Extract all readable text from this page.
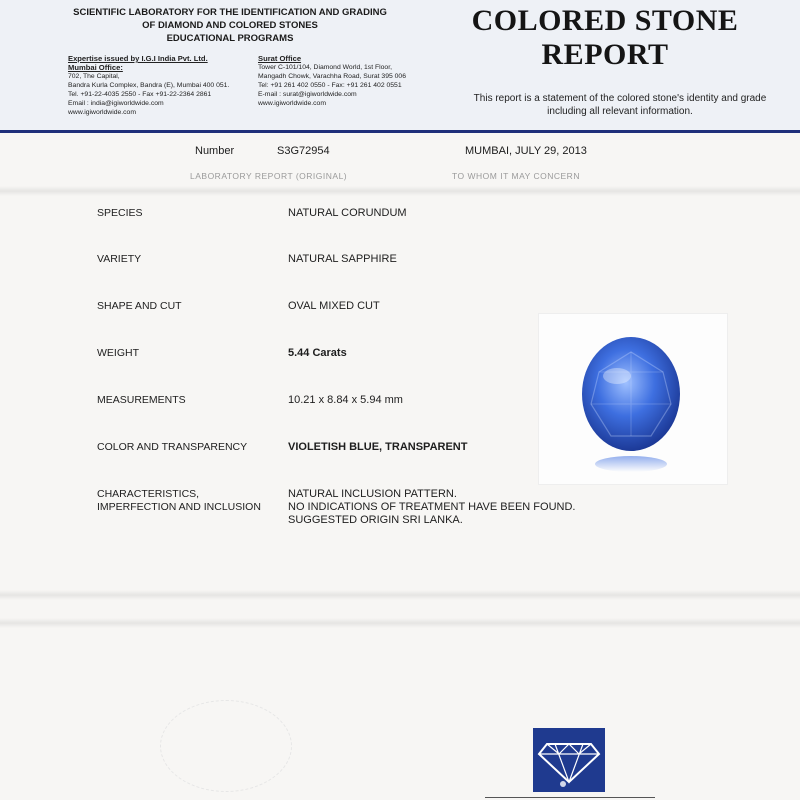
SCIENTIFIC LABORATORY FOR THE IDENTIFICATION AND GRADING
OF DIAMOND AND COLORED STONES
EDUCATIONAL PROGRAMS
Expertise issued by I.G.I India Pvt. Ltd.
Mumbai Office:
702, The Capital,
Bandra Kurla Complex, Bandra (E), Mumbai 400 051.
Tel. +91-22-4035 2550 - Fax +91-22-2364 2861
Email : india@igiworldwide.com
www.igiworldwide.com
Surat Office
Tower C-101/104, Diamond World, 1st Floor,
Mangadh Chowk, Varachha Road, Surat 395 006
Tel: +91 261 402 0550 - Fax: +91 261 402 0551
E-mail : surat@igiworldwide.com
www.igiworldwide.com
COLORED STONE
REPORT
This report is a statement of the colored stone's identity and grade including all relevant information.
Number	S3G72954	MUMBAI, JULY 29, 2013
LABORATORY REPORT (ORIGINAL)	TO WHOM IT MAY CONCERN
SPECIES	NATURAL CORUNDUM
VARIETY	NATURAL SAPPHIRE
SHAPE AND CUT	OVAL MIXED CUT
WEIGHT	5.44 Carats
MEASUREMENTS	10.21 x 8.84 x 5.94 mm
COLOR AND TRANSPARENCY	VIOLETISH BLUE, TRANSPARENT
CHARACTERISTICS,
IMPERFECTION AND INCLUSION
NATURAL INCLUSION PATTERN.
NO INDICATIONS OF TREATMENT HAVE BEEN FOUND.
SUGGESTED ORIGIN SRI LANKA.
